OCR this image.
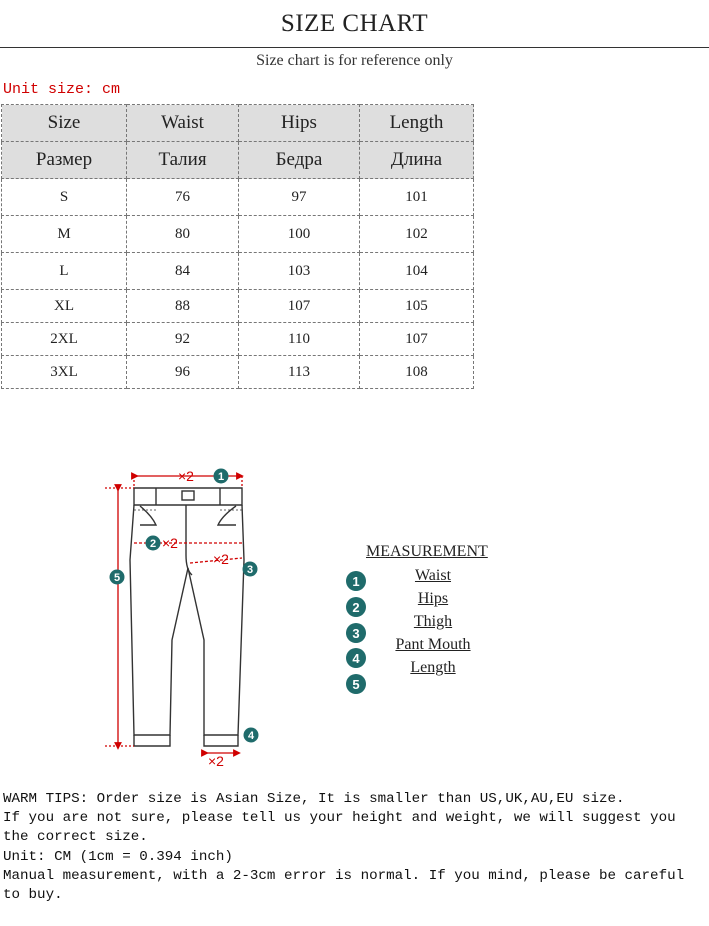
SIZE CHART
Size chart is for reference only
Unit size: cm
Size	Waist	Hips	Length
Размер	Талия	Бедра	Длина
S	76	97	101
M	80	100	102
L	84	103	104
XL	88	107	105
2XL	92	110	107
3XL	96	113	108
×2
×2
×2
×2
1
2
3
4
5
MEASUREMENT
1	Waist
2
Hips
3
Thigh
4
Pant Mouth
5
Length

WARM TIPS: Order size is Asian Size, It is smaller than US,UK,AU,EU size.

If you are not sure, please tell us your height and weight, we will suggest you the correct size.

Unit: CM (1cm = 0.394 inch)

Manual measurement, with a 2-3cm error is normal. If you mind, please be careful to buy.
